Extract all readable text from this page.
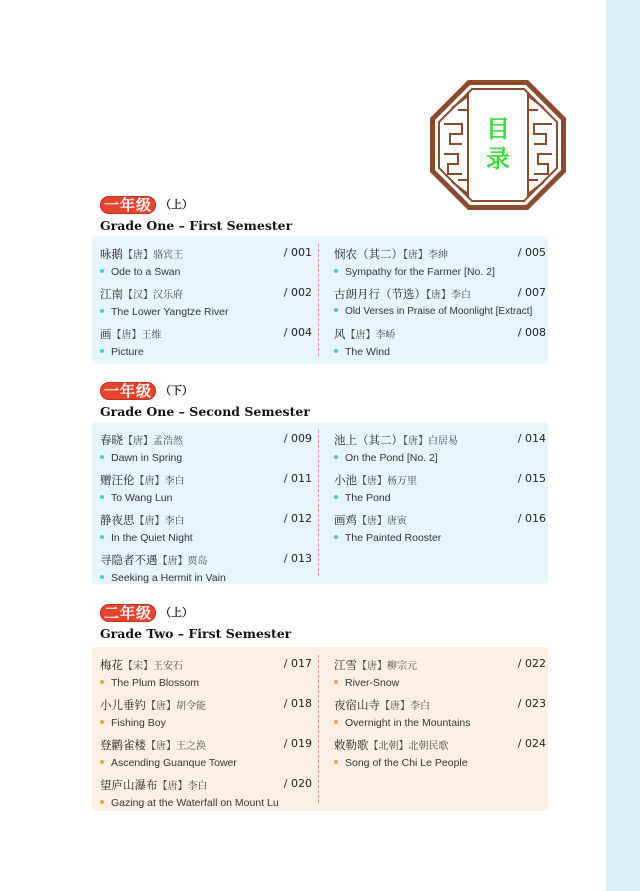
目
录
一年级 （上）
Grade One – First Semester
咏鹅【唐】骆宾王	/ 001
Ode to a Swan
江南【汉】汉乐府	/ 002
The Lower Yangtze River
画【唐】王维	/ 004
Picture
悯农（其二）【唐】李绅	/ 005
Sympathy for the Farmer [No. 2]
古朗月行（节选）【唐】李白	/ 007
Old Verses in Praise of Moonlight [Extract]
风【唐】李峤	/ 008
The Wind
一年级 （下）
Grade One – Second Semester
春晓【唐】孟浩然	/ 009
Dawn in Spring
赠汪伦【唐】李白	/ 011
To Wang Lun
静夜思【唐】李白	/ 012
In the Quiet Night
寻隐者不遇【唐】贾岛	/ 013
Seeking a Hermit in Vain
池上（其二）【唐】白居易	/ 014
On the Pond [No. 2]
小池【唐】杨万里	/ 015
The Pond
画鸡【唐】唐寅	/ 016
The Painted Rooster
二年级 （上）
Grade Two – First Semester
梅花【宋】王安石	/ 017
The Plum Blossom
小儿垂钓【唐】胡令能	/ 018
Fishing Boy
登鹳雀楼【唐】王之涣	/ 019
Ascending Guanque Tower
望庐山瀑布【唐】李白	/ 020
Gazing at the Waterfall on Mount Lu
江雪【唐】柳宗元	/ 022
River-Snow
夜宿山寺【唐】李白	/ 023
Overnight in the Mountains
敕勒歌【北朝】北朝民歌	/ 024
Song of the Chi Le People
